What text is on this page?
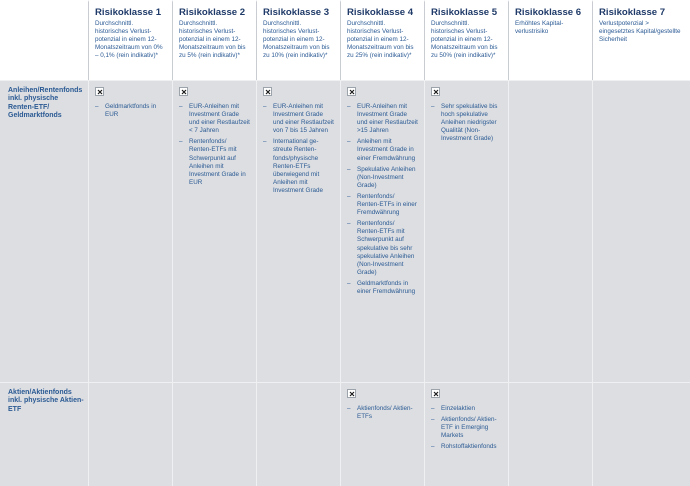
Risikoklasse 1
Durchschnittl. historisches Verlustpotenzial in einem 12-Monatszeitraum von 0% – 0,1% (rein indikativ)*
Risikoklasse 2
Durchschnittl. historisches Verlustpotenzial in einem 12-Monatszeitraum von bis zu 5% (rein indikativ)*
Risikoklasse 3
Durchschnittl. historisches Verlustpotenzial in einem 12-Monatszeitraum von bis zu 10% (rein indikativ)*
Risikoklasse 4
Durchschnittl. historisches Verlustpotenzial in einem 12-Monatszeitraum von bis zu 25% (rein indikativ)*
Risikoklasse 5
Durchschnittl. historisches Verlustpotenzial in einem 12-Monatszeitraum von bis zu 50% (rein indikativ)*
Risikoklasse 6
Erhöhtes Kapitalverlustrisiko
Risikoklasse 7
Verlustpotenzial > eingesetztes Kapital/gestellte Sicherheit
Anleihen/Rentenfonds inkl. physische Renten-ETF/ Geldmarktfonds
– Geldmarktfonds in EUR
– EUR-Anleihen mit Investment Grade und einer Restlaufzeit < 7 Jahren
– Rentenfonds/ Renten-ETFs mit Schwerpunkt auf Anleihen mit Investment Grade in EUR
– EUR-Anleihen mit Investment Grade und einer Restlaufzeit von 7 bis 15 Jahren
– International gestreute Rentenfonds/physische Renten-ETFs überwiegend mit Anleihen mit Investment Grade
– EUR-Anleihen mit Investment Grade und einer Restlaufzeit >15 Jahren
– Anleihen mit Investment Grade in einer Fremdwährung
– Spekulative Anleihen (Non-Investment Grade)
– Rentenfonds/ Renten-ETFs in einer Fremdwährung
– Rentenfonds/ Renten-ETFs mit Schwerpunkt auf spekulative bis sehr spekulative Anleihen (Non-Investment Grade)
– Geldmarktfonds in einer Fremdwährung
– Sehr spekulative bis hoch spekulative Anleihen niedrigster Qualität (Non-Investment Grade)
Aktien/Aktienfonds inkl. physische Aktien-ETF
–	Aktienfonds/ Aktien-ETFs
– Einzelaktien
– Aktienfonds/ Aktien-ETF in Emerging Markets
– Rohstoffaktienfonds
